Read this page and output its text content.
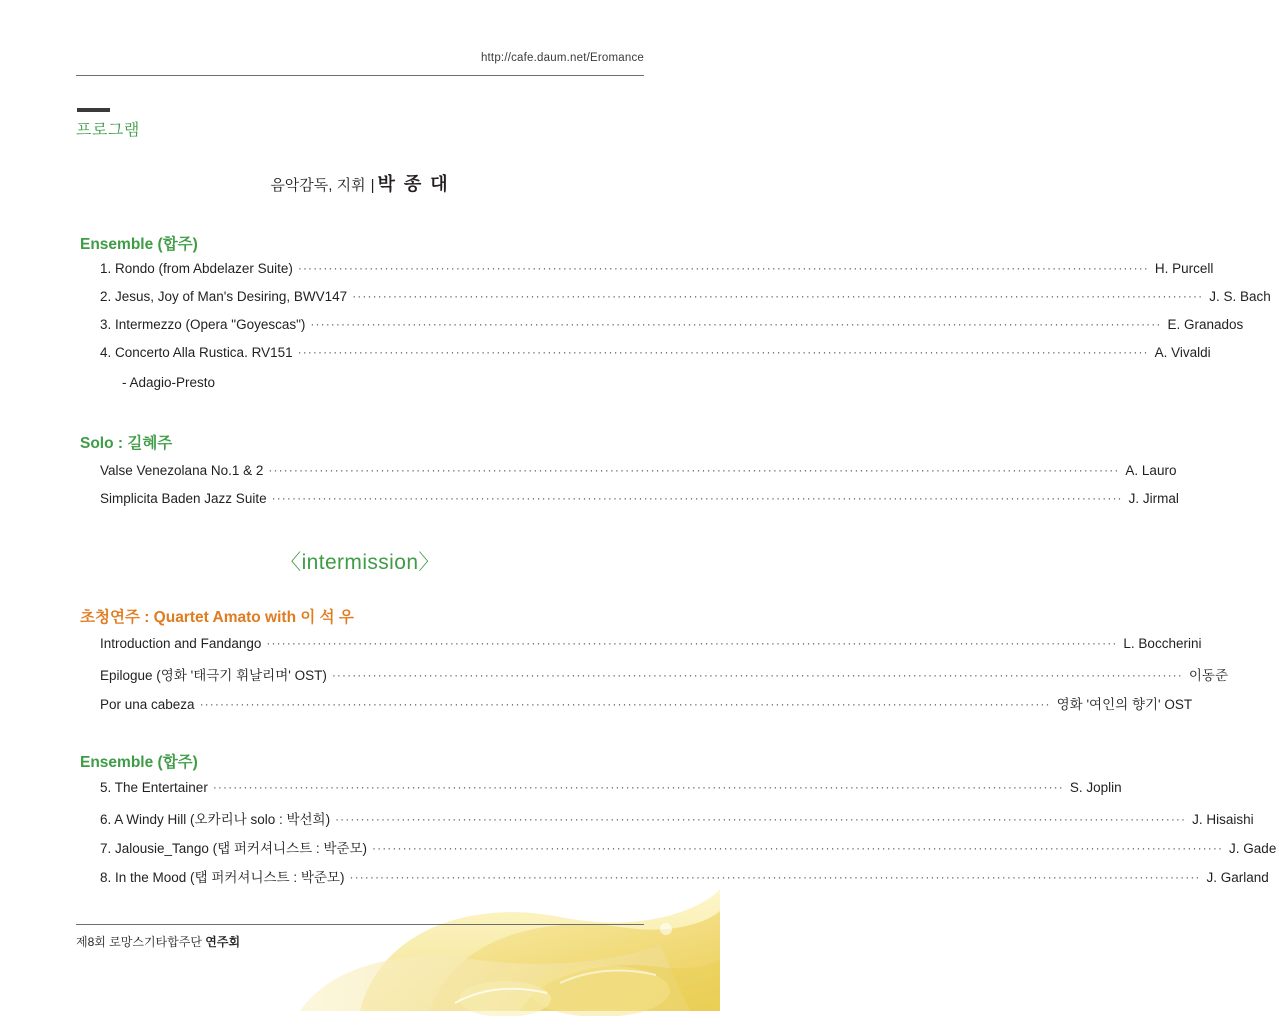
http://cafe.daum.net/Eromance
프로그램
음악감독, 지휘 | 박 종 대
Ensemble (합주)
1. Rondo (from Abdelazer Suite) ······································································································································································· H. Purcell
2. Jesus, Joy of Man's Desiring, BWV147 ······································································································································································· J. S. Bach
3. Intermezzo (Opera "Goyescas") ······································································································································································· E. Granados
4. Concerto Alla Rustica. RV151 ······································································································································································· A. Vivaldi
- Adagio-Presto
Solo : 길혜주
Valse Venezolana No.1 & 2 ······································································································································································· A. Lauro
Simplicita Baden Jazz Suite ······································································································································································· J. Jirmal
〈intermission〉
초청연주 : Quartet Amato with 이 석 우
Introduction and Fandango ······································································································································································· L. Boccherini
Epilogue (영화 '태극기 휘날리며' OST) ······································································································································································· 이동준
Por una cabeza ······································································································································································· 영화 '여인의 향기' OST
Ensemble (합주)
5. The Entertainer ······································································································································································· S. Joplin
6. A Windy Hill (오카리나 solo : 박선희) ······································································································································································· J. Hisaishi
7. Jalousie_Tango (탭 퍼커셔니스트 : 박준모) ······································································································································································· J. Gade
8. In the Mood (탭 퍼커셔니스트 : 박준모) ······································································································································································· J. Garland
제8회 로망스기타합주단 연주회
